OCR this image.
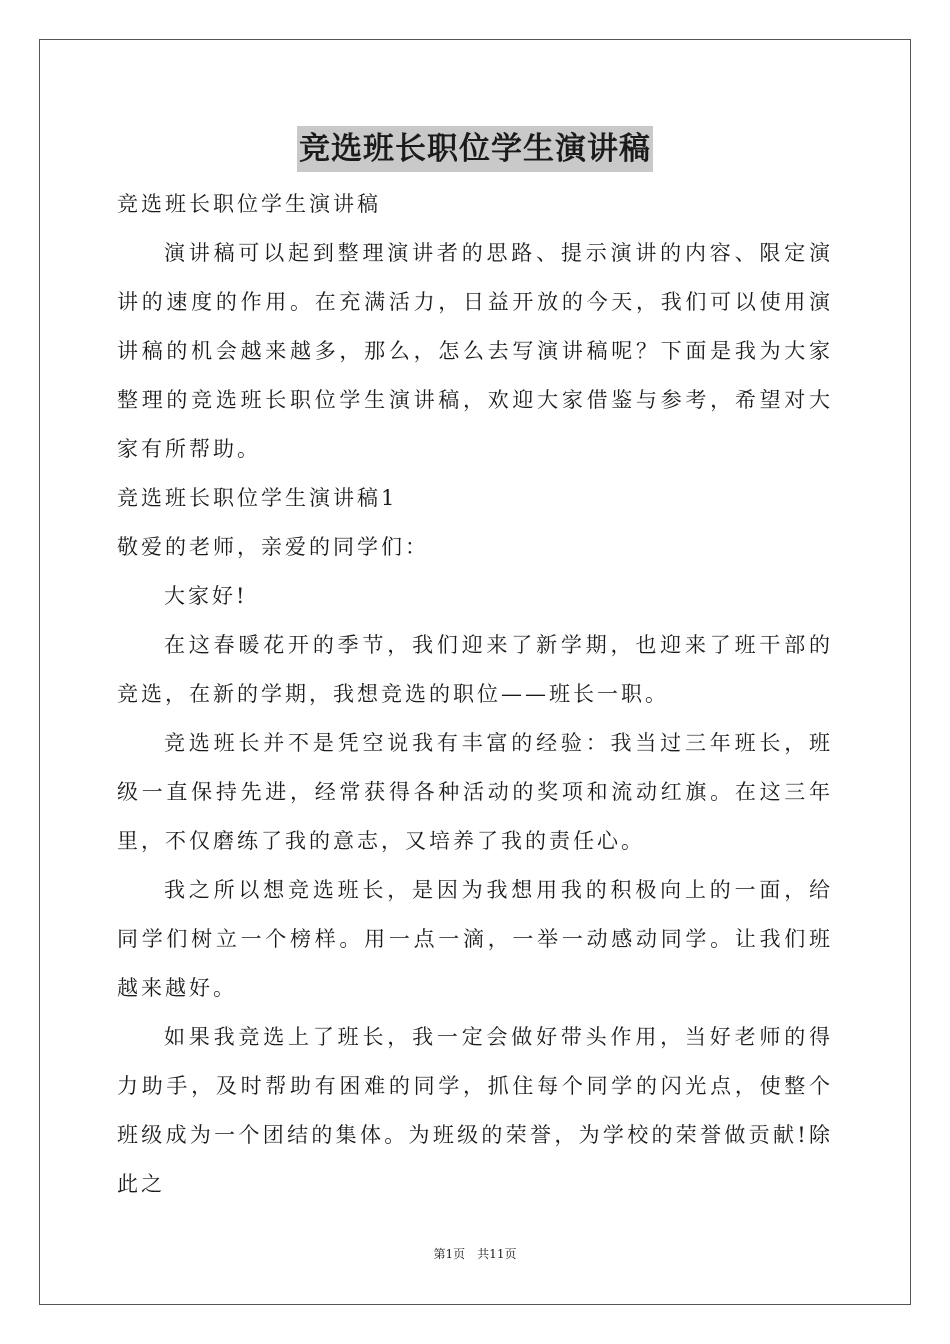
竞选班长职位学生演讲稿

竞选班长职位学生演讲稿

演讲稿可以起到整理演讲者的思路、提示演讲的内容、限定演讲的速度的作用。在充满活力，日益开放的今天，我们可以使用演讲稿的机会越来越多，那么，怎么去写演讲稿呢？下面是我为大家整理的竞选班长职位学生演讲稿，欢迎大家借鉴与参考，希望对大家有所帮助。

竞选班长职位学生演讲稿1

敬爱的老师，亲爱的同学们：

大家好!

在这春暖花开的季节，我们迎来了新学期，也迎来了班干部的竞选，在新的学期，我想竞选的职位——班长一职。

竞选班长并不是凭空说我有丰富的经验：我当过三年班长，班级一直保持先进，经常获得各种活动的奖项和流动红旗。在这三年里，不仅磨练了我的意志，又培养了我的责任心。

我之所以想竞选班长，是因为我想用我的积极向上的一面，给同学们树立一个榜样。用一点一滴，一举一动感动同学。让我们班越来越好。

如果我竞选上了班长，我一定会做好带头作用，当好老师的得力助手，及时帮助有困难的同学，抓住每个同学的闪光点，使整个班级成为一个团结的集体。为班级的荣誉，为学校的荣誉做贡献!除此之

第1页　共11页
